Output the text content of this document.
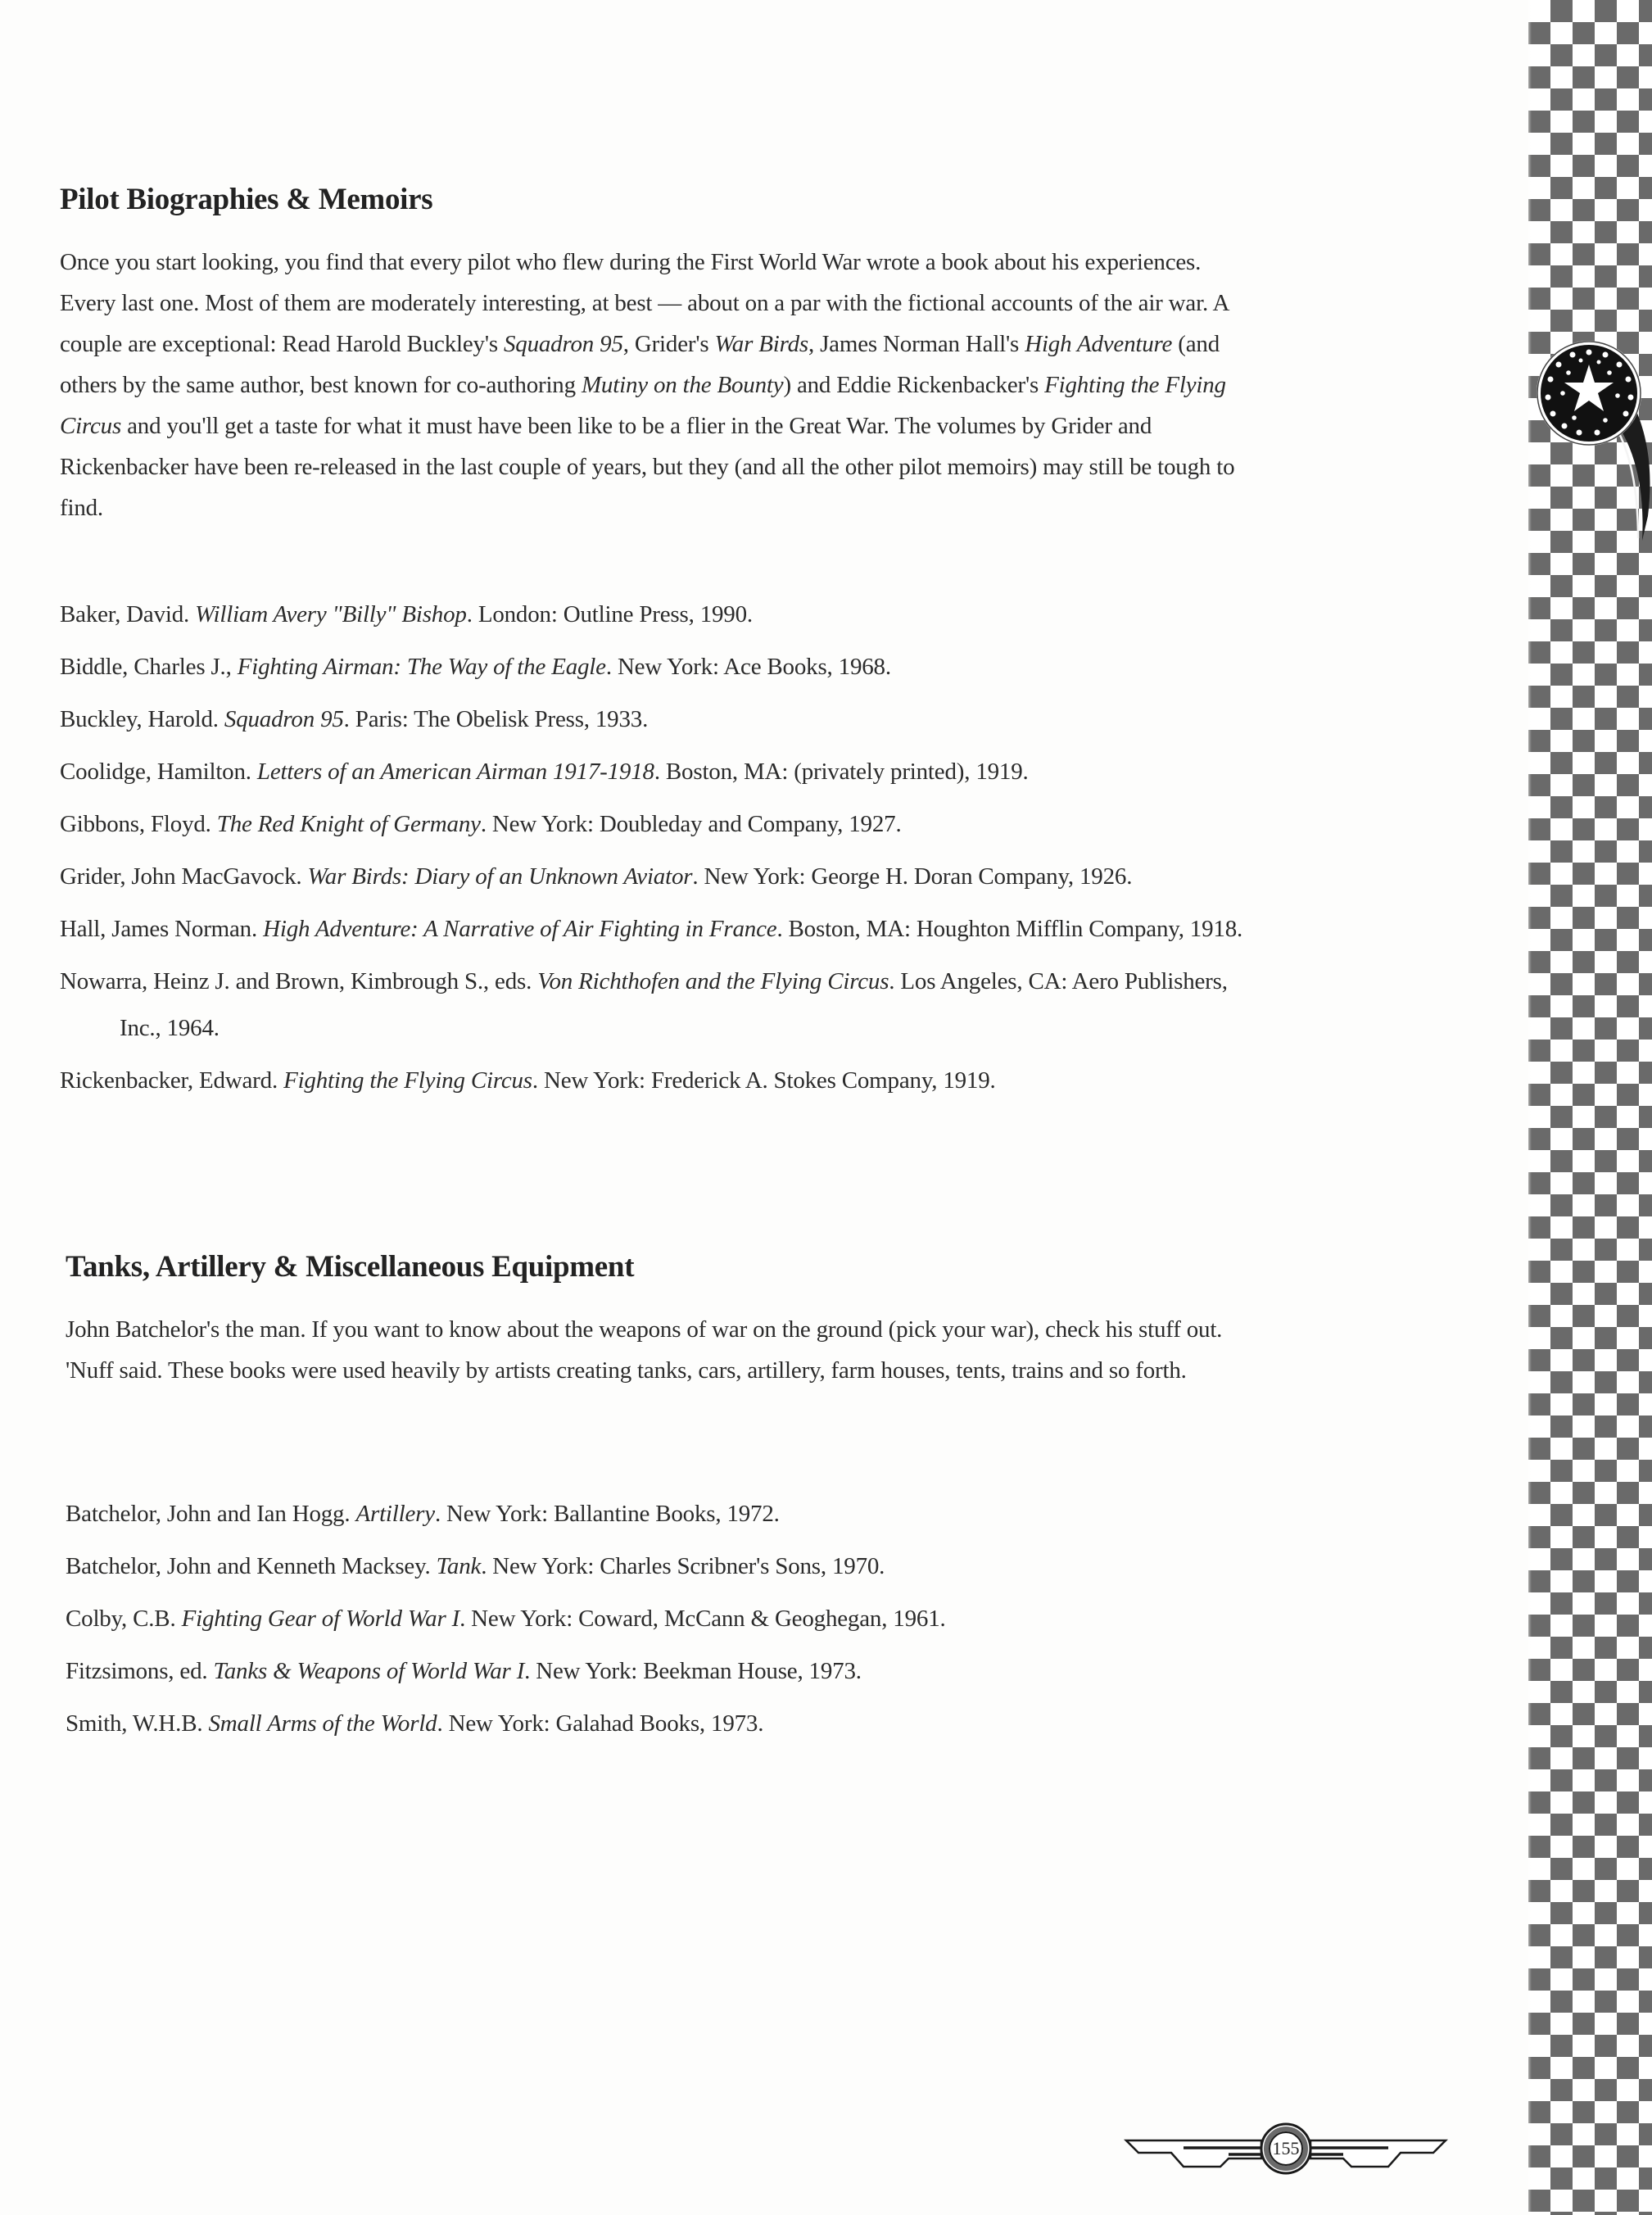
Pilot Biographies & Memoirs

Once you start looking, you find that every pilot who flew during the First World War wrote a book about his experiences. Every last one. Most of them are moderately interesting, at best — about on a par with the fictional accounts of the air war. A couple are exceptional: Read Harold Buckley's Squadron 95, Grider's War Birds, James Norman Hall's High Adventure (and others by the same author, best known for co-authoring Mutiny on the Bounty) and Eddie Rickenbacker's Fighting the Flying Circus and you'll get a taste for what it must have been like to be a flier in the Great War. The volumes by Grider and Rickenbacker have been re-released in the last couple of years, but they (and all the other pilot memoirs) may still be tough to find.

Baker, David. William Avery "Billy" Bishop. London: Outline Press, 1990.
Biddle, Charles J., Fighting Airman: The Way of the Eagle. New York: Ace Books, 1968.
Buckley, Harold. Squadron 95. Paris: The Obelisk Press, 1933.
Coolidge, Hamilton. Letters of an American Airman 1917-1918. Boston, MA: (privately printed), 1919.
Gibbons, Floyd. The Red Knight of Germany. New York: Doubleday and Company, 1927.
Grider, John MacGavock. War Birds: Diary of an Unknown Aviator. New York: George H. Doran Company, 1926.
Hall, James Norman. High Adventure: A Narrative of Air Fighting in France. Boston, MA: Houghton Mifflin Company, 1918.
Nowarra, Heinz J. and Brown, Kimbrough S., eds. Von Richthofen and the Flying Circus. Los Angeles, CA: Aero Publishers, Inc., 1964.
Rickenbacker, Edward. Fighting the Flying Circus. New York: Frederick A. Stokes Company, 1919.
Tanks, Artillery & Miscellaneous Equipment

John Batchelor's the man. If you want to know about the weapons of war on the ground (pick your war), check his stuff out. 'Nuff said. These books were used heavily by artists creating tanks, cars, artillery, farm houses, tents, trains and so forth.

Batchelor, John and Ian Hogg. Artillery. New York: Ballantine Books, 1972.
Batchelor, John and Kenneth Macksey. Tank. New York: Charles Scribner's Sons, 1970.
Colby, C.B. Fighting Gear of World War I. New York: Coward, McCann & Geoghegan, 1961.
Fitzsimons, ed. Tanks & Weapons of World War I. New York: Beekman House, 1973.
Smith, W.H.B. Small Arms of the World. New York: Galahad Books, 1973.
155
